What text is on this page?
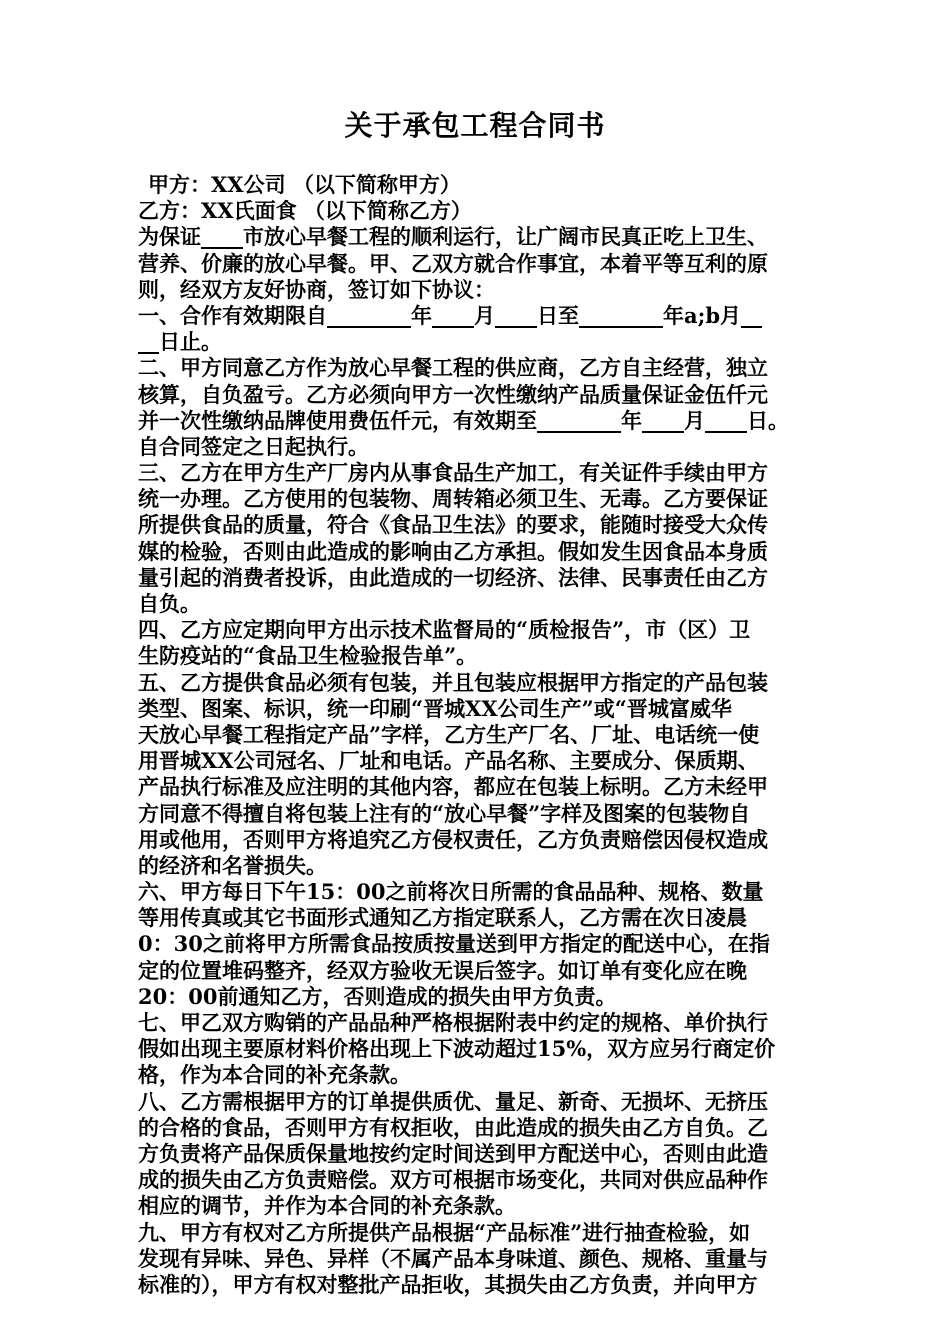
关于承包工程合同书
甲方：XX公司 （以下简称甲方）
乙方：XX氏面食 （以下简称乙方）
为保证____市放心早餐工程的顺利运行，让广阔市民真正吃上卫生、
营养、价廉的放心早餐。甲、乙双方就合作事宜，本着平等互利的原
则，经双方友好协商，签订如下协议：
一、合作有效期限自________年____月____日至________年a;b月__
__日止。
二、甲方同意乙方作为放心早餐工程的供应商，乙方自主经营，独立
核算，自负盈亏。乙方必须向甲方一次性缴纳产品质量保证金伍仟元
并一次性缴纳品牌使用费伍仟元，有效期至________年____月____日。
自合同签定之日起执行。
三、乙方在甲方生产厂房内从事食品生产加工，有关证件手续由甲方
统一办理。乙方使用的包装物、周转箱必须卫生、无毒。乙方要保证
所提供食品的质量，符合《食品卫生法》的要求，能随时接受大众传
媒的检验，否则由此造成的影响由乙方承担。假如发生因食品本身质
量引起的消费者投诉，由此造成的一切经济、法律、民事责任由乙方
自负。
四、乙方应定期向甲方出示技术监督局的“质检报告”，市（区）卫
生防疫站的“食品卫生检验报告单”。
五、乙方提供食品必须有包装，并且包装应根据甲方指定的产品包装
类型、图案、标识，统一印刷“晋城XX公司生产”或“晋城富威华
天放心早餐工程指定产品”字样，乙方生产厂名、厂址、电话统一使
用晋城XX公司冠名、厂址和电话。产品名称、主要成分、保质期、
产品执行标准及应注明的其他内容，都应在包装上标明。乙方未经甲
方同意不得擅自将包装上注有的“放心早餐”字样及图案的包装物自
用或他用，否则甲方将追究乙方侵权责任，乙方负责赔偿因侵权造成
的经济和名誉损失。
六、甲方每日下午15：00之前将次日所需的食品品种、规格、数量
等用传真或其它书面形式通知乙方指定联系人，乙方需在次日凌晨
0：30之前将甲方所需食品按质按量送到甲方指定的配送中心，在指
定的位置堆码整齐，经双方验收无误后签字。如订单有变化应在晚
20：00前通知乙方，否则造成的损失由甲方负责。
七、甲乙双方购销的产品品种严格根据附表中约定的规格、单价执行
假如出现主要原材料价格出现上下波动超过15%，双方应另行商定价
格，作为本合同的补充条款。
八、乙方需根据甲方的订单提供质优、量足、新奇、无损坏、无挤压
的合格的食品，否则甲方有权拒收，由此造成的损失由乙方自负。乙
方负责将产品保质保量地按约定时间送到甲方配送中心，否则由此造
成的损失由乙方负责赔偿。双方可根据市场变化，共同对供应品种作
相应的调节，并作为本合同的补充条款。
九、甲方有权对乙方所提供产品根据“产品标准”进行抽查检验，如
发现有异味、异色、异样（不属产品本身味道、颜色、规格、重量与
标准的），甲方有权对整批产品拒收，其损失由乙方负责，并向甲方
